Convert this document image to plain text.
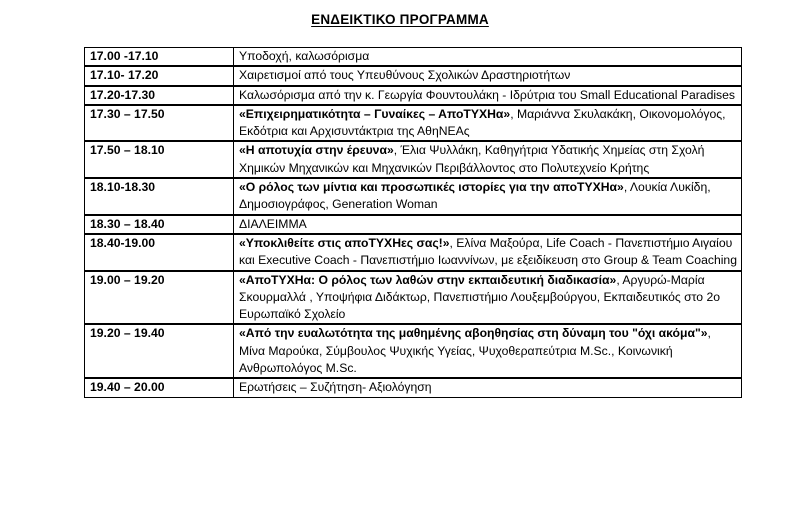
ΕΝΔΕΙΚΤΙΚΟ ΠΡΟΓΡΑΜΜΑ
17.00 -17.10	Υποδοχή, καλωσόρισμα
17.10- 17.20	Χαιρετισμοί από τους Υπευθύνους Σχολικών Δραστηριοτήτων
17.20-17.30	Καλωσόρισμα από την κ. Γεωργία Φουντουλάκη - Ιδρύτρια του Small Educational Paradises
17.30 – 17.50	«Επιχειρηματικότητα – Γυναίκες – ΑποΤΥΧΗα», Μαριάννα Σκυλακάκη, Οικονομολόγος, Εκδότρια και Αρχισυντάκτρια της ΑθηΝΕΑς
17.50 – 18.10	«Η αποτυχία στην έρευνα», Έλια Ψυλλάκη, Καθηγήτρια Υδατικής Χημείας στη Σχολή Χημικών Μηχανικών και Μηχανικών Περιβάλλοντος στο Πολυτεχνείο Κρήτης
18.10-18.30	«Ο ρόλος των μίντια και προσωπικές ιστορίες για την αποΤΥΧΗα», Λουκία Λυκίδη, Δημοσιογράφος, Generation Woman
18.30 – 18.40	ΔΙΑΛΕΙΜΜΑ
18.40-19.00	«Υποκλιθείτε στις αποΤΥΧΗες σας!», Ελίνα Μαξούρα, Life Coach - Πανεπιστήμιο Αιγαίου και Executive Coach - Πανεπιστήμιο Ιωαννίνων, με εξειδίκευση στο Group & Team Coaching
19.00 – 19.20	«ΑποΤΥΧΗα: Ο ρόλος των λαθών στην εκπαιδευτική διαδικασία», Αργυρώ-Μαρία Σκουρμαλλά , Υποψήφια Διδάκτωρ, Πανεπιστήμιο Λουξεμβούργου, Εκπαιδευτικός στο 2ο Ευρωπαϊκό Σχολείο
19.20 – 19.40	«Από την ευαλωτότητα της μαθημένης αβοηθησίας στη δύναμη του "όχι ακόμα"», Μίνα Μαρούκα, Σύμβουλος Ψυχικής Υγείας, Ψυχοθεραπεύτρια M.Sc., Κοινωνική Ανθρωπολόγος M.Sc.
19.40 – 20.00	Ερωτήσεις – Συζήτηση- Αξιολόγηση
